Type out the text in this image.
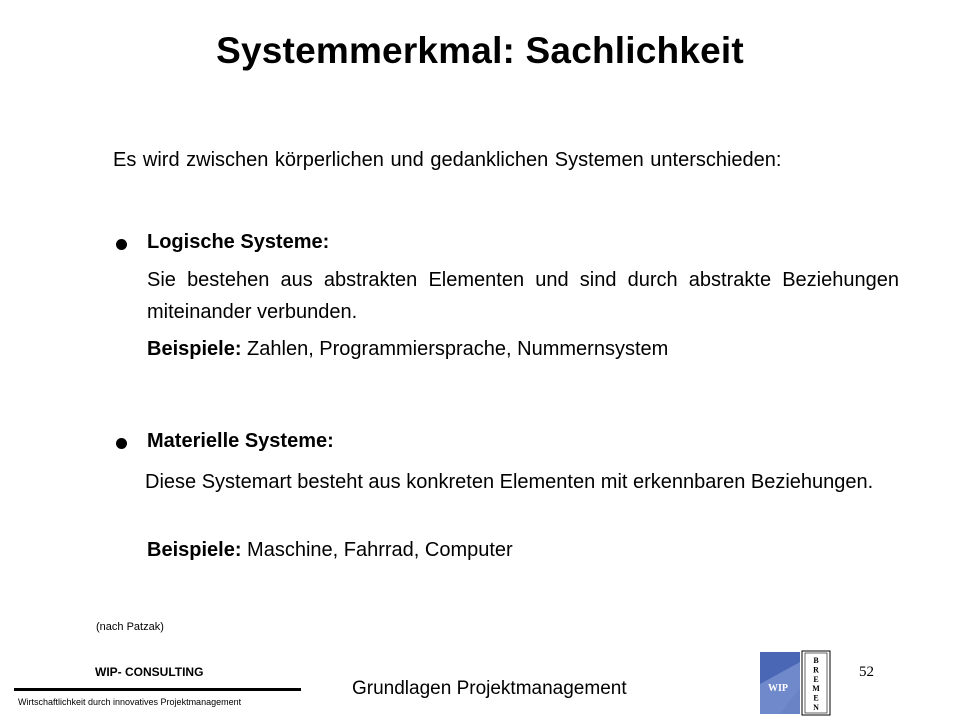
Systemmerkmal: Sachlichkeit
Es wird zwischen körperlichen und gedanklichen Systemen unterschieden:
Logische Systeme:
Sie bestehen aus abstrakten Elementen und sind durch abstrakte Beziehungen miteinander verbunden.
Beispiele: Zahlen, Programmiersprache, Nummernsystem
Materielle Systeme:
Diese Systemart besteht aus konkreten Elementen mit erkennbaren Beziehungen.
Beispiele: Maschine, Fahrrad, Computer
(nach Patzak)
WIP- CONSULTING
Wirtschaftlichkeit durch innovatives Projektmanagement
Grundlagen Projektmanagement
52
WIP
B
R
E
M
E
N
